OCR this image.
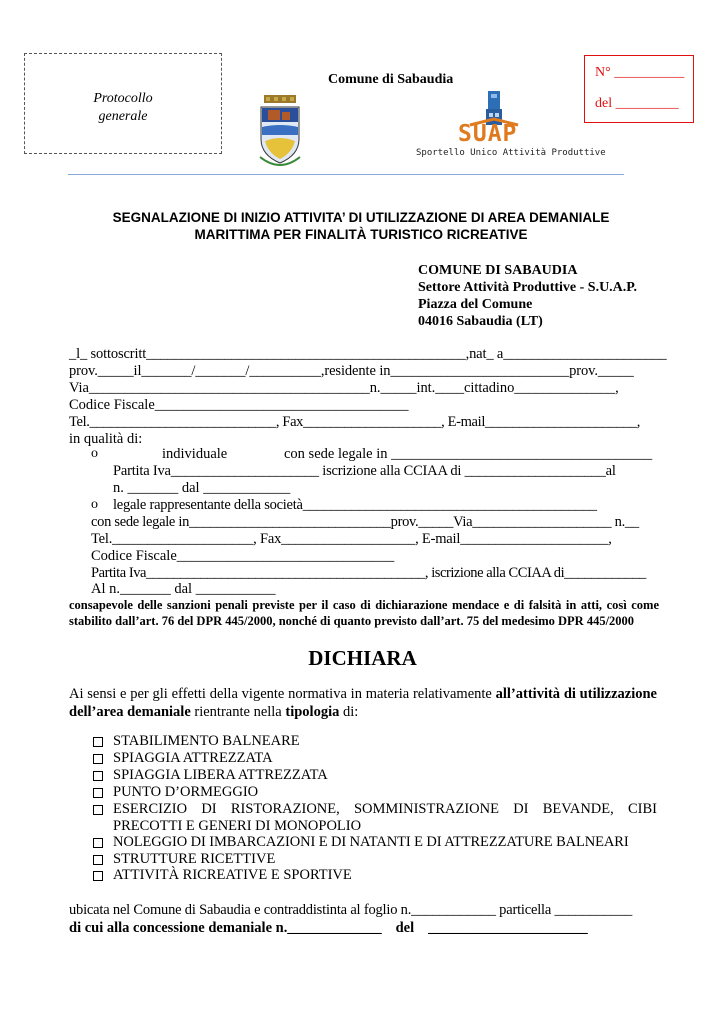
Protocollo
generale
Comune di Sabaudia
SUAP
Sportello Unico Attività Produttive
N° __________
del _________
SEGNALAZIONE DI INIZIO ATTIVITA’ DI UTILIZZAZIONE DI AREA DEMANIALE
MARITTIMA PER FINALITÀ TURISTICO RICREATIVE
COMUNE DI SABAUDIA
Settore Attività Produttive - S.U.A.P.
Piazza del Comune
04016 Sabaudia (LT)
_l_ sottoscritt_____________________________________________,nat_ a_______________________
prov._____il_______/_______/__________,residente in_________________________prov._____
Via_______________________________________n._____int.____cittadino______________,
Codice Fiscale___________________________________
Tel.___________________________, Fax____________________, E-mail______________________,
in qualità di:
o	individuale	con sede legale in ____________________________________
Partita Iva_____________________ iscrizione alla CCIAA di ____________________al
n. _______ dal ____________
o legale rappresentante della società__________________________________________
con sede legale in_____________________________prov._____Via____________________ n.__
Tel.____________________, Fax___________________, E-mail_____________________,
Codice Fiscale______________________________
Partita Iva_________________________________________, iscrizione alla CCIAA di____________
Al n._______ dal ___________
consapevole delle sanzioni penali previste per il caso di dichiarazione mendace e di falsità in atti, così come stabilito dall’art. 76 del DPR 445/2000, nonché di quanto previsto dall’art. 75 del medesimo DPR 445/2000
DICHIARA
Ai sensi e per gli effetti della vigente normativa in materia relativamente all’attività di utilizzazione dell’area demaniale rientrante nella tipologia di:
STABILIMENTO BALNEARE
SPIAGGIA ATTREZZATA
SPIAGGIA LIBERA ATTREZZATA
PUNTO D’ORMEGGIO
ESERCIZIO DI RISTORAZIONE, SOMMINISTRAZIONE DI BEVANDE, CIBI
PRECOTTI E GENERI DI MONOPOLIO
NOLEGGIO DI IMBARCAZIONI E DI NATANTI E DI ATTREZZATURE BALNEARI
STRUTTURE RICETTIVE
ATTIVITÀ RICREATIVE E SPORTIVE
ubicata nel Comune di Sabaudia e contraddistinta al foglio n.____________ particella ___________
di cui alla concessione demaniale n._____________ del ______________________
